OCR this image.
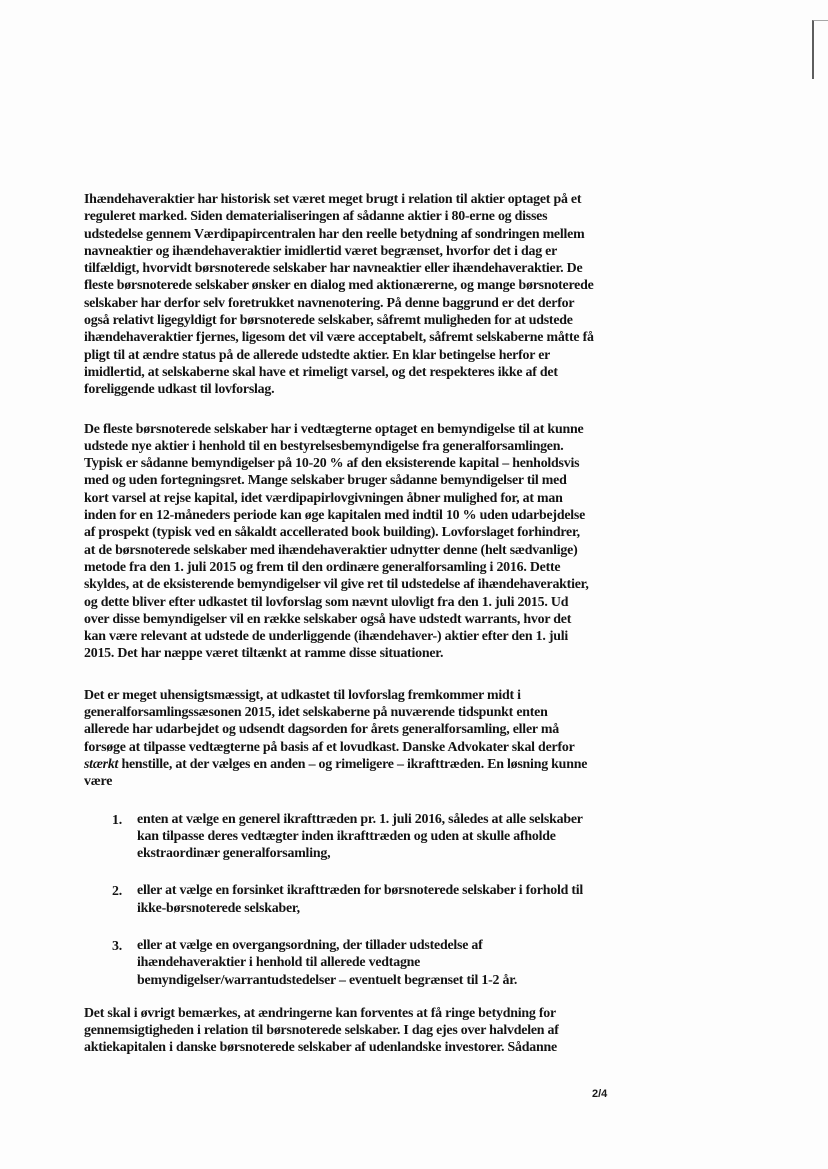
Ihændehaveraktier har historisk set været meget brugt i relation til aktier optaget på et reguleret marked. Siden dematerialiseringen af sådanne aktier i 80-erne og disses udstedelse gennem Værdipapircentralen har den reelle betydning af sondringen mellem navneaktier og ihændehaveraktier imidlertid været begrænset, hvorfor det i dag er tilfældigt, hvorvidt børsnoterede selskaber har navneaktier eller ihændehaveraktier. De fleste børsnoterede selskaber ønsker en dialog med aktionærerne, og mange børsnoterede selskaber har derfor selv foretrukket navnenotering. På denne baggrund er det derfor også relativt ligegyldigt for børsnoterede selskaber, såfremt muligheden for at udstede ihændehaveraktier fjernes, ligesom det vil være acceptabelt, såfremt selskaberne måtte få pligt til at ændre status på de allerede udstedte aktier. En klar betingelse herfor er imidlertid, at selskaberne skal have et rimeligt varsel, og det respekteres ikke af det foreliggende udkast til lovforslag.

De fleste børsnoterede selskaber har i vedtægterne optaget en bemyndigelse til at kunne udstede nye aktier i henhold til en bestyrelsesbemyndigelse fra generalforsamlingen. Typisk er sådanne bemyndigelser på 10-20 % af den eksisterende kapital – henholdsvis med og uden fortegningsret. Mange selskaber bruger sådanne bemyndigelser til med kort varsel at rejse kapital, idet værdipapirlovgivningen åbner mulighed for, at man inden for en 12-måneders periode kan øge kapitalen med indtil 10 % uden udarbejdelse af prospekt (typisk ved en såkaldt accellerated book building). Lovforslaget forhindrer, at de børsnoterede selskaber med ihændehaveraktier udnytter denne (helt sædvanlige) metode fra den 1. juli 2015 og frem til den ordinære generalforsamling i 2016. Dette skyldes, at de eksisterende bemyndigelser vil give ret til udstedelse af ihændehaveraktier, og dette bliver efter udkastet til lovforslag som nævnt ulovligt fra den 1. juli 2015. Ud over disse bemyndigelser vil en række selskaber også have udstedt warrants, hvor det kan være relevant at udstede de underliggende (ihændehaver-) aktier efter den 1. juli 2015. Det har næppe været tiltænkt at ramme disse situationer.

Det er meget uhensigtsmæssigt, at udkastet til lovforslag fremkommer midt i generalforsamlingssæsonen 2015, idet selskaberne på nuværende tidspunkt enten allerede har udarbejdet og udsendt dagsorden for årets generalforsamling, eller må forsøge at tilpasse vedtægterne på basis af et lovudkast. Danske Advokater skal derfor stærkt henstille, at der vælges en anden – og rimeligere – ikrafttræden. En løsning kunne være

1. enten at vælge en generel ikrafttræden pr. 1. juli 2016, således at alle selskaber kan tilpasse deres vedtægter inden ikrafttræden og uden at skulle afholde ekstraordinær generalforsamling,
2. eller at vælge en forsinket ikrafttræden for børsnoterede selskaber i forhold til ikke-børsnoterede selskaber,
3. eller at vælge en overgangsordning, der tillader udstedelse af ihændehaveraktier i henhold til allerede vedtagne bemyndigelser/warrantudstedelser – eventuelt begrænset til 1-2 år.

Det skal i øvrigt bemærkes, at ændringerne kan forventes at få ringe betydning for gennemsigtigheden i relation til børsnoterede selskaber. I dag ejes over halvdelen af aktiekapitalen i danske børsnoterede selskaber af udenlandske investorer. Sådanne

2/4
